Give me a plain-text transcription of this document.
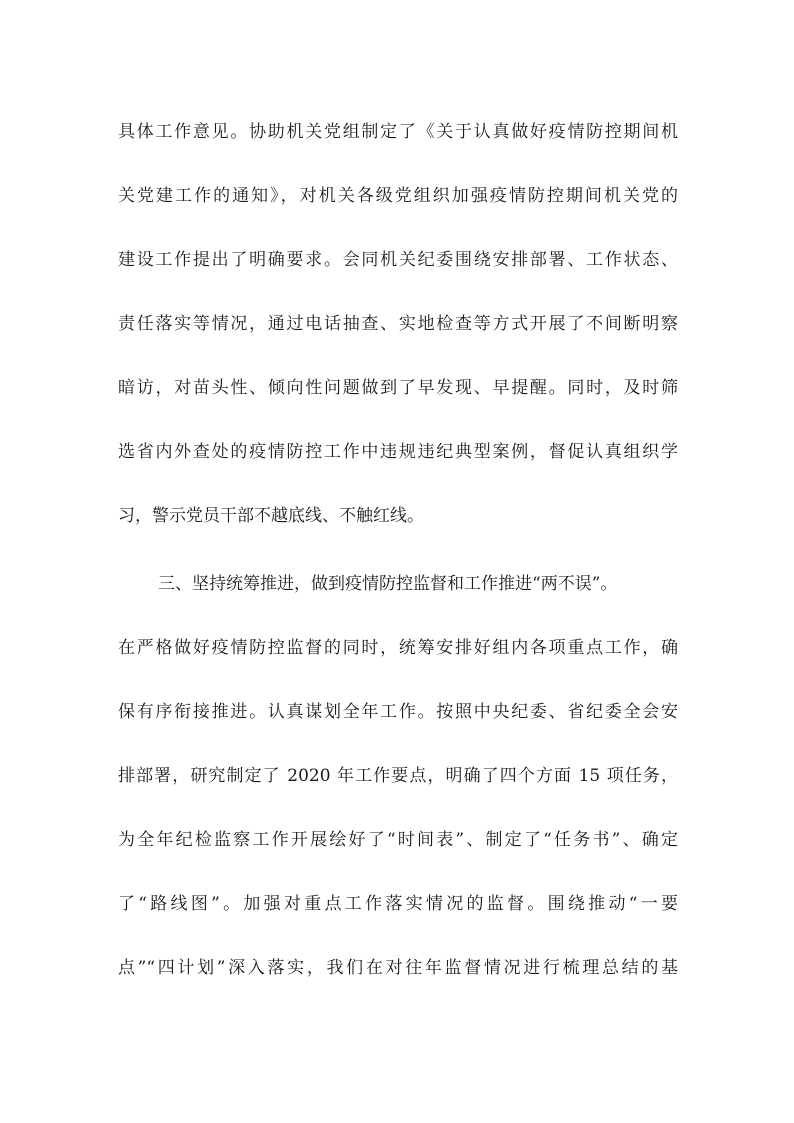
具体工作意见。协助机关党组制定了《关于认真做好疫情防控期间机
关党建工作的通知》，对机关各级党组织加强疫情防控期间机关党的
建设工作提出了明确要求。会同机关纪委围绕安排部署、工作状态、
责任落实等情况，通过电话抽查、实地检查等方式开展了不间断明察
暗访，对苗头性、倾向性问题做到了早发现、早提醒。同时，及时筛
选省内外查处的疫情防控工作中违规违纪典型案例，督促认真组织学
习，警示党员干部不越底线、不触红线。
三、坚持统筹推进，做到疫情防控监督和工作推进“两不误”。
在严格做好疫情防控监督的同时，统筹安排好组内各项重点工作，确
保有序衔接推进。认真谋划全年工作。按照中央纪委、省纪委全会安
排部署，研究制定了 2020 年工作要点，明确了四个方面 15 项任务，
为全年纪检监察工作开展绘好了“时间表”、制定了“任务书”、确定
了“路线图”。加强对重点工作落实情况的监督。围绕推动“一要
点”“四计划”深入落实，我们在对往年监督情况进行梳理总结的基
